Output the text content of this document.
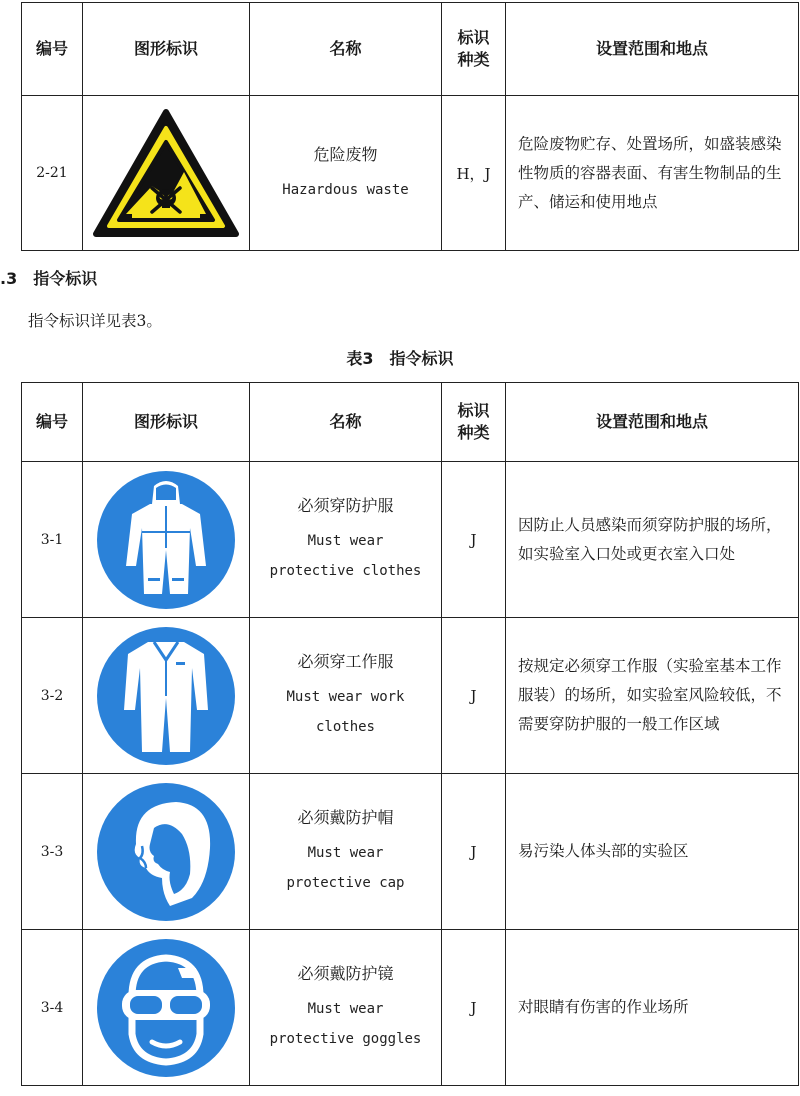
编号	图形标识	名称	标识
种类	设置范围和地点
2-21		危险废物
Hazardous waste	H，J	危险废物贮存、处置场所，如盛装感染性物质的容器表面、有害生物制品的生产、储运和使用地点
.3 指令标识
指令标识详见表3。
表3　指令标识
编号	图形标识	名称	标识
种类	设置范围和地点
3-1		必须穿防护服
Must wear
protective clothes	J	因防止人员感染而须穿防护服的场所，如实验室入口处或更衣室入口处
3-2		必须穿工作服
Must wear work
clothes	J	按规定必须穿工作服（实验室基本工作服装）的场所，如实验室风险较低，不需要穿防护服的一般工作区域
3-3		必须戴防护帽
Must wear
protective cap	J	易污染人体头部的实验区
3-4		必须戴防护镜
Must wear
protective goggles	J	对眼睛有伤害的作业场所
